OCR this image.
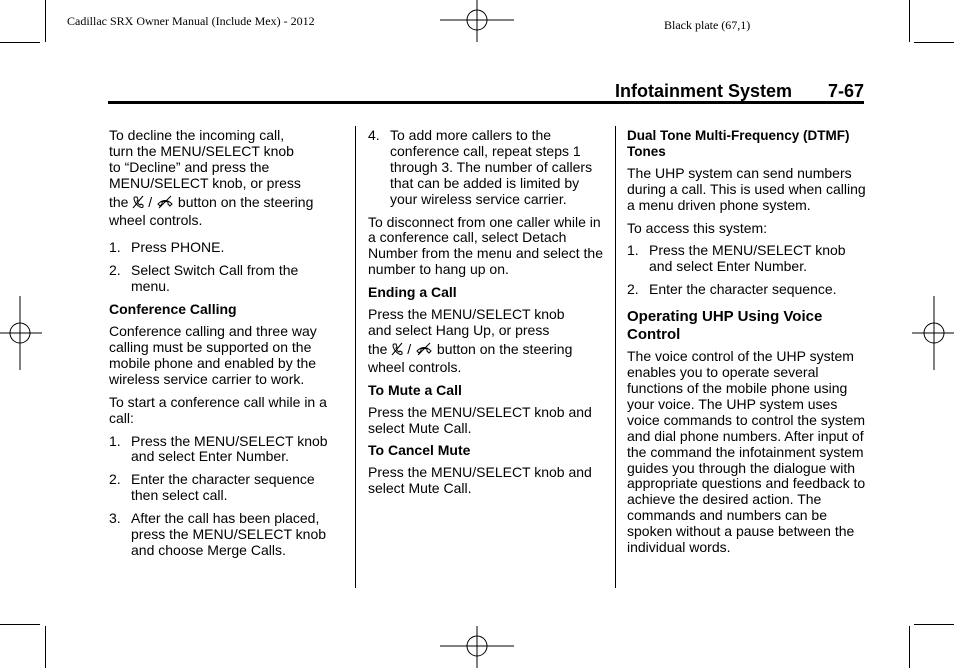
Cadillac SRX Owner Manual (Include Mex) - 2012	Black plate (67,1)
Infotainment System 7-67

To decline the incoming call,
turn the MENU/SELECT knob
to “Decline” and press the
MENU/SELECT knob, or press
the / button on the steering
wheel controls.

1. Press PHONE.
2. Select Switch Call from the menu.

Conference Calling

Conference calling and three way calling must be supported on the mobile phone and enabled by the wireless service carrier to work.

To start a conference call while in a call:

1. Press the MENU/SELECT knob and select Enter Number.
2. Enter the character sequence then select call.
3. After the call has been placed, press the MENU/SELECT knob and choose Merge Calls.
4. To add more callers to the conference call, repeat steps 1 through 3. The number of callers that can be added is limited by your wireless service carrier.

To disconnect from one caller while in a conference call, select Detach Number from the menu and select the number to hang up on.

Ending a Call

Press the MENU/SELECT knob
and select Hang Up, or press
the / button on the steering
wheel controls.

To Mute a Call

Press the MENU/SELECT knob and select Mute Call.

To Cancel Mute

Press the MENU/SELECT knob and select Mute Call.

Dual Tone Multi-Frequency (DTMF) Tones

The UHP system can send numbers during a call. This is used when calling a menu driven phone system.

To access this system:

1. Press the MENU/SELECT knob and select Enter Number.
2. Enter the character sequence.

Operating UHP Using Voice Control

The voice control of the UHP system enables you to operate several functions of the mobile phone using your voice. The UHP system uses voice commands to control the system and dial phone numbers. After input of the command the infotainment system guides you through the dialogue with appropriate questions and feedback to achieve the desired action. The commands and numbers can be spoken without a pause between the individual words.
